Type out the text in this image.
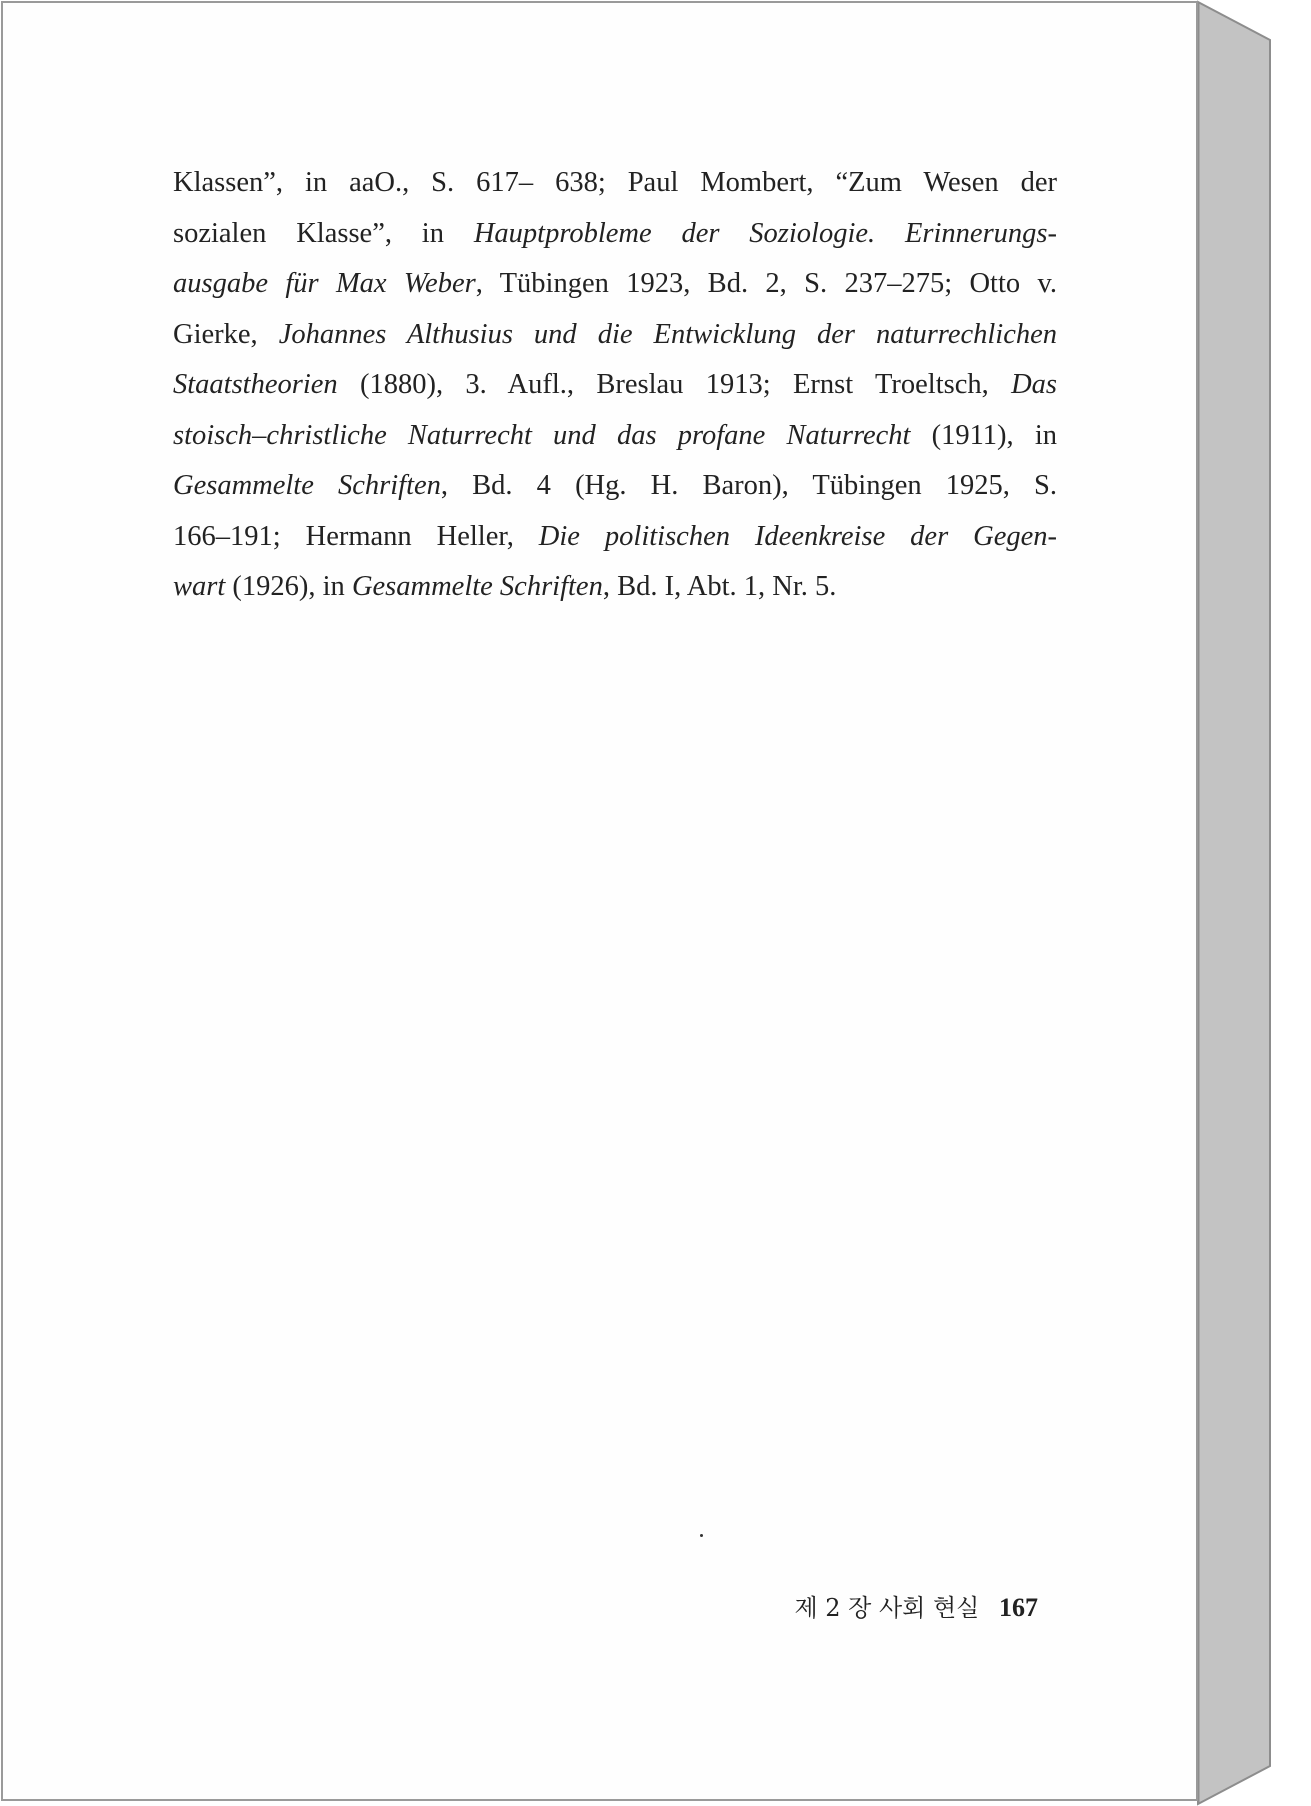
Klassen”, in aaO., S. 617– 638; Paul Mombert, “Zum Wesen der
sozialen Klasse”, in Hauptprobleme der Soziologie. Erinnerungs-
ausgabe für Max Weber, Tübingen 1923, Bd. 2, S. 237–275; Otto v.
Gierke, Johannes Althusius und die Entwicklung der naturrechlichen
Staatstheorien (1880), 3. Aufl., Breslau 1913; Ernst Troeltsch, Das
stoisch–christliche Naturrecht und das profane Naturrecht (1911), in
Gesammelte Schriften, Bd. 4 (Hg. H. Baron), Tübingen 1925, S.
166–191; Hermann Heller, Die politischen Ideenkreise der Gegen-
wart (1926), in Gesammelte Schriften, Bd. I, Abt. 1, Nr. 5.
제 2 장 사회 현실 167
